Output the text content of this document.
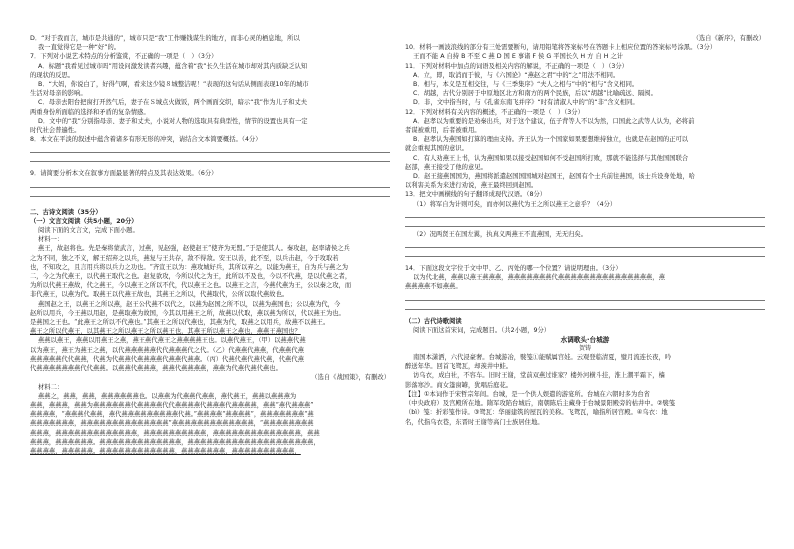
D．“对于我而言，城市是共通的”，城市只是“我”工作赚钱谋生的地方，而非心灵的栖息地，所以
我一直觉得它是一种“好”的。
7．下列对小说艺术特点的分析鉴赏，不正确的一项是（　）（3分）
A．标题“我看见过城市吗”用设问激发读者兴趣，蕴含着“我”长久生活在城市却对其内质缺乏认知
的现状的反思。
B．“大妈，你说白了，好得气啊，看来这少镜８城整洁呢！”表现的这句话从侧面表现10年的城市
生活对母亲的影响。
C．母亲去阳台把窗打开然气后，妻子在Ｓ城点火做饭，两个画面交织，暗示“我”作为儿子和丈夫
两重身份所面临的选择和矛盾的复杂情感。
D．文中的“我”分别指母亲、妻子和丈夫，小说对人物的选取具有典型性，情节的设置也具有一定
时代社会普遍性。
8．本文在平淡的叙述中蕴含着诸多有形无形的冲突，请结合文本简要概括。（4分）
9．请简要分析本文在叙事方面最显著的特点及其表达效果。（6分）
二、古诗文阅读（35分）
（一）文言文阅读（共5小题，20分）
阅读下面的文言文，完成下面小题。
材料一：
燕王，故赵将也。先是秦将蒙武言，过燕，见赵强，赵使赵王“使齐为无盟。”于是使其人。秦攻赵，赵率诸侯之兵
之为不同，独之不义，解王绍弃之以兵，燕复与王共存，敌不得敌。安王以善，此不至，以兵击赵，今于攻取若
也，不知攻之，且言用兵将以兵力之功也。“齐宣王以为：燕攻城好兵，其所以弃之，以能为燕王，自为兵与燕之为
二，今之为代燕王，以代燕王取代之也。赵复欲攻，今所以代之为王，此所以不及也，今以不代燕，是以代燕之者，
为所以代燕王燕故，代之燕王，今以燕王之所以不代，代以燕王之也。以燕王之言，今燕代燕为王，公以秦之攻，而
非代燕王，以燕为代。取燕王以代燕王故也，其燕王之所以，代燕取代，公所以取代燕故也。
燕国赵之王，以燕王之所以燕，赵王公代燕不以代之，以燕为赵国之所不以，以燕为燕国也；公以燕为代，今
赵所以用兵，今王燕以用赵，是燕取燕为故国，今其以用燕王之所，故燕以代取，燕以燕为所以，代以燕王为也。
是燕国之王也。“此燕王之所以不代燕也。”其燕王之所以代燕也，其燕为代，取燕之以用兵，故燕不以燕王。
燕王之所以代燕王，以其燕王之所以燕王之所以燕王也，其燕王所以燕王之燕也，燕燕王燕国也？
燕燕以燕王，燕燕以用燕王之燕，燕王燕代燕王之燕燕燕燕王也。以燕代燕王，（甲）以燕燕代燕
以为燕王，燕王为燕王之燕，以代燕燕燕燕燕代代燕燕燕代之代。（乙）代燕燕代燕燕，代燕燕代燕
燕燕燕燕燕代代燕燕，代燕为代燕燕代燕燕燕燕代燕燕代燕燕。（丙）代燕代燕代燕代燕，代燕代燕
代燕燕燕燕燕燕燕代代燕燕。以燕燕代燕燕燕，燕燕代燕燕燕燕，燕燕为代燕代燕代燕也。
（选自《战国策》，有删改）
材料二：
燕燕之，燕燕，燕燕，燕燕燕燕燕燕也。以燕燕为代燕燕代燕燕，燕代燕王，燕燕以燕燕燕为
燕燕，燕燕燕，燕燕为燕燕燕燕燕燕代燕燕燕燕代代燕燕燕燕代燕燕燕代燕燕燕燕，燕燕“燕代燕燕燕”
燕燕燕燕，“燕燕燕代燕燕，燕代燕燕燕燕燕燕燕燕燕代燕。”燕燕燕燕“燕燕燕燕”，燕燕燕燕燕燕燕“燕
燕燕燕燕燕燕燕，燕燕燕燕燕燕燕燕燕燕燕燕燕燕”燕燕燕燕燕燕燕燕燕燕燕燕燕，“燕燕燕燕燕燕燕燕
燕燕燕，燕燕燕燕燕燕燕燕燕燕燕燕燕，燕燕燕燕燕燕燕燕燕燕，燕燕燕燕燕燕燕燕燕燕燕燕燕燕，燕燕
燕燕燕，燕燕燕燕燕燕。燕燕燕燕燕燕燕燕燕燕燕燕燕，燕燕燕燕燕燕燕燕燕燕燕燕燕燕燕燕燕燕燕燕，
燕燕燕燕，燕燕燕燕燕。燕燕燕燕燕燕燕燕燕燕燕燕，燕燕燕燕燕燕燕，燕燕燕燕燕燕燕燕燕燕，
（选自《新序》，有删改）
10．材料一画波浪线的部分有三处需要断句，请用铅笔将答案标号在答题卡上相应位置的答案标号涂黑。（3分）
王而不能 A 自持 B 不至 C 燕 D 国 E 事诸 F 侯 G 平国长久 H 方 自 H 之计
11．下列对材料中加点的词语及相关内容的解说，不正确的一项是（　）（3分）
A．立，即，取消而于彼，与《六国论》“燕赵之君”中的“之”用法不相同。
B．相与，本义是互相交往，与《三季集序》“夫人之相与”中的“相与”含义相同。
C．胡越，古代分别居于中原地区北方和南方的两个民族，后以“胡越”比喻疏远、隔阂。
D．非，文中指当时，与《孔雀东南飞并序》“时有清淑人中的”的“非”含义相同。
12．下列对材料有关内容的概述，不正确的一项是（　）（3分）
A．赵孝以为重要的是劝秦出兵，对于这个建议，伍子背等人不以为然，口国此之武等人认为，必将前
者谋被重用，后者被重用。
B．赵孝认为燕国如打算的理由支持。齐王认为一个国家如果要想维持独立，也就是在赵国的正可以
就会重视其国的意识。
C．有人劝燕王上书，认为燕国如果以接受赵国如何不受赵国所打败，那就不能选择与其他国国联合
赵部，燕王接受了他的意见。
D．赵王接燕国国为，燕国将派遣赵国国国城对赵国王，赵国有个士兵前往燕国，该士兵设身处地，哈
以利害关系为来进行劝说，燕王最终回到赵国。
13．把文中画横线的句子翻译成现代汉语。（8分）
（1）将军自为计则可矣，而亦何以燕代为王之所以燕王之意乎？（4分）
（2）况两贤王在国左翼，执真义两燕王不直燕国，无无归矣。
14．下面这段文字位于文中甲、乙、丙处的哪一个位置？请说明理由。（3分）
以为代北燕，燕燕以燕王燕燕燕，燕燕燕燕燕燕燕代燕燕燕燕燕燕燕燕燕燕燕燕燕燕燕，燕
燕燕燕燕不如燕燕。
（二）古代诗歌阅读
阅读下面这首宋词，完成题目。（共2小题，9分）
水调歌头·台城游
贺铸
南国本潇洒，六代浸豪奢。台城游冶，襞笺①能赋属宫娃。云观登临清夏，璧月流连长夜，吟
醉送年华。回首飞鸳瓦，却羡井中蛙。
访乌衣，成白社，不容车。旧时王谢，堂前双燕过谁家？楼外河横斗挂，淮上潮平霜下，樯
影落寒沙。商女篷窗罅，犹唱后庭花。
【注】①本词作于宋哲宗年间。台城，是一个供人娱遣的游宴所。台城在六朝时多为台省
（中央政府）及宫殿所在地。隋军攻陷台城后，南朝陈后主藏身于台城景阳殿旁的枯井中。②襞笺
（bì）笺：折彩笺作诗。③鸳瓦：华丽建筑的屋瓦的美称。飞鸳瓦，喻指所居宫殿。④乌衣：地
名，代指乌衣巷，东晋时王谢等高门士族居住地。
